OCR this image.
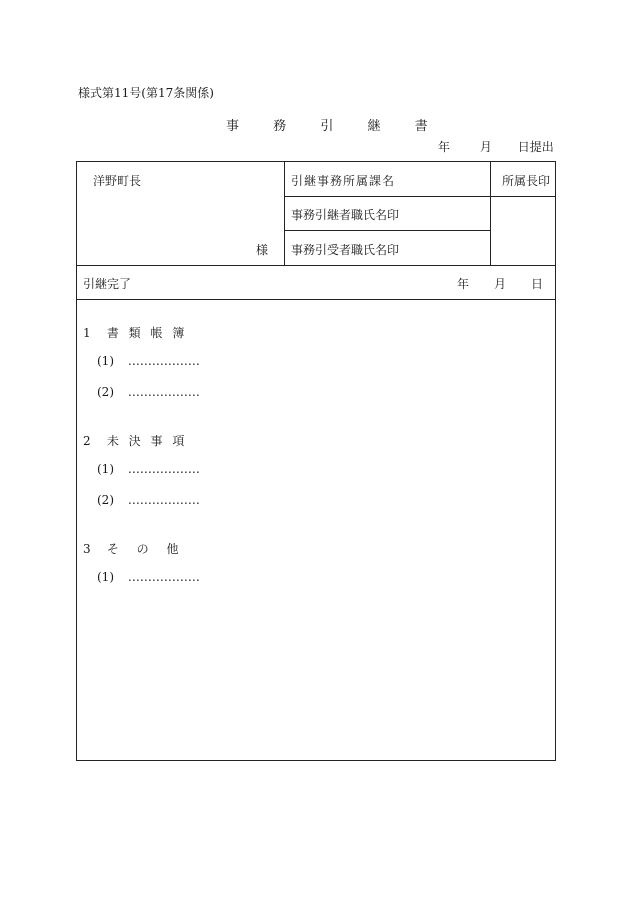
様式第11号(第17条関係)
事	務	引	継	書
年 月 日提出
洋野町長
様
引継事務所属課名	所属長印
事務引継者職氏名印
事務引受者職氏名印
引継完了	年 月 日
1 書 類 帳 簿
(1) ………………
(2) ………………
2 未 決 事 項
(1) ………………
(2) ………………
3 そ の 他
(1) ………………
